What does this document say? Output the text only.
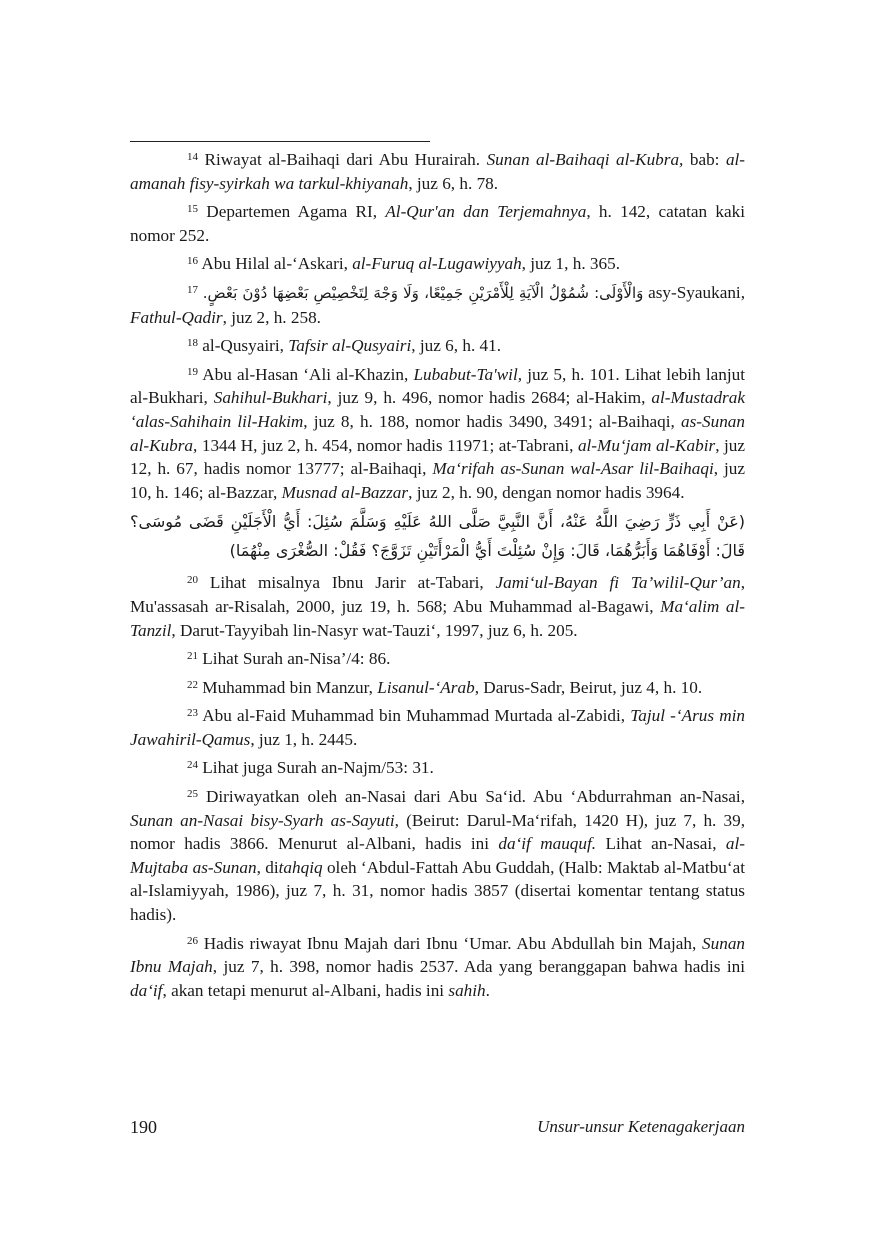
$^{14}$ Riwayat al-Baihaqi dari Abu Hurairah. Sunan al-Baihaqi al-Kubra, bab: al-amanah fisy-syirkah wa tarkul-khiyanah, juz 6, h. 78.

$^{15}$ Departemen Agama RI, Al-Qur'an dan Terjemahnya, h. 142, catatan kaki nomor 252.

$^{16}$ Abu Hilal al-‘Askari, al-Furuq al-Lugawiyyah, juz 1, h. 365.

$^{17}$ وَالْأَوْلَى: شُمُوْلُ الْآيَةِ لِلْأَمْرَيْنِ جَمِيْعًا، وَلَا وَجْهَ لِتَخْصِيْصِ بَعْضِهَا دُوْنَ بَعْضٍ. asy-Syaukani, Fathul-Qadir, juz 2, h. 258.

$^{18}$ al-Qusyairi, Tafsir al-Qusyairi, juz 6, h. 41.

$^{19}$ Abu al-Hasan ‘Ali al-Khazin, Lubabut-Ta'wil, juz 5, h. 101. Lihat lebih lanjut al-Bukhari, Sahihul-Bukhari, juz 9, h. 496, nomor hadis 2684; al-Hakim, al-Mustadrak ‘alas-Sahihain lil-Hakim, juz 8, h. 188, nomor hadis 3490, 3491; al-Baihaqi, as-Sunan al-Kubra, 1344 H, juz 2, h. 454, nomor hadis 11971; at-Tabrani, al-Mu‘jam al-Kabir, juz 12, h. 67, hadis nomor 13777; al-Baihaqi, Ma‘rifah as-Sunan wal-Asar lil-Baihaqi, juz 10, h. 146; al-Bazzar, Musnad al-Bazzar, juz 2, h. 90, dengan nomor hadis 3964.

(عَنْ أَبِي ذَرٍّ رَضِيَ اللَّهُ عَنْهُ، أَنَّ النَّبِيَّ صَلَّى اللهُ عَلَيْهِ وَسَلَّمَ سُئِلَ: أَيُّ الْأَجَلَيْنِ قَضَى مُوسَى؟ قَالَ: أَوْفَاهُمَا وَأَبَرُّهُمَا، قَالَ: وَإِنْ سُئِلْتَ أَيُّ الْمَرْأَتَيْنِ تَزَوَّجَ؟ فَقُلْ: الصُّغْرَى مِنْهُمَا)

$^{20}$ Lihat misalnya Ibnu Jarir at-Tabari, Jami‘ul-Bayan fi Ta’wilil-Qur’an, Mu'assasah ar-Risalah, 2000, juz 19, h. 568; Abu Muhammad al-Bagawi, Ma‘alim al-Tanzil, Darut-Tayyibah lin-Nasyr wat-Tauzi‘, 1997, juz 6, h. 205.

$^{21}$ Lihat Surah an-Nisa’/4: 86.

$^{22}$ Muhammad bin Manzur, Lisanul-‘Arab, Darus-Sadr, Beirut, juz 4, h. 10.

$^{23}$ Abu al-Faid Muhammad bin Muhammad Murtada al-Zabidi, Tajul -‘Arus min Jawahiril-Qamus, juz 1, h. 2445.

$^{24}$ Lihat juga Surah an-Najm/53: 31.

$^{25}$ Diriwayatkan oleh an-Nasai dari Abu Sa‘id. Abu ‘Abdurrahman an-Nasai, Sunan an-Nasai bisy-Syarh as-Sayuti, (Beirut: Darul-Ma‘rifah, 1420 H), juz 7, h. 39, nomor hadis 3866. Menurut al-Albani, hadis ini da‘if mauquf. Lihat an-Nasai, al-Mujtaba as-Sunan, ditahqiq oleh ‘Abdul-Fattah Abu Guddah, (Halb: Maktab al-Matbu‘at al-Islamiyyah, 1986), juz 7, h. 31, nomor hadis 3857 (disertai komentar tentang status hadis).

$^{26}$ Hadis riwayat Ibnu Majah dari Ibnu ‘Umar. Abu Abdullah bin Majah, Sunan Ibnu Majah, juz 7, h. 398, nomor hadis 2537. Ada yang beranggapan bahwa hadis ini da‘if, akan tetapi menurut al-Albani, hadis ini sahih.

190	Unsur-unsur Ketenagakerjaan
